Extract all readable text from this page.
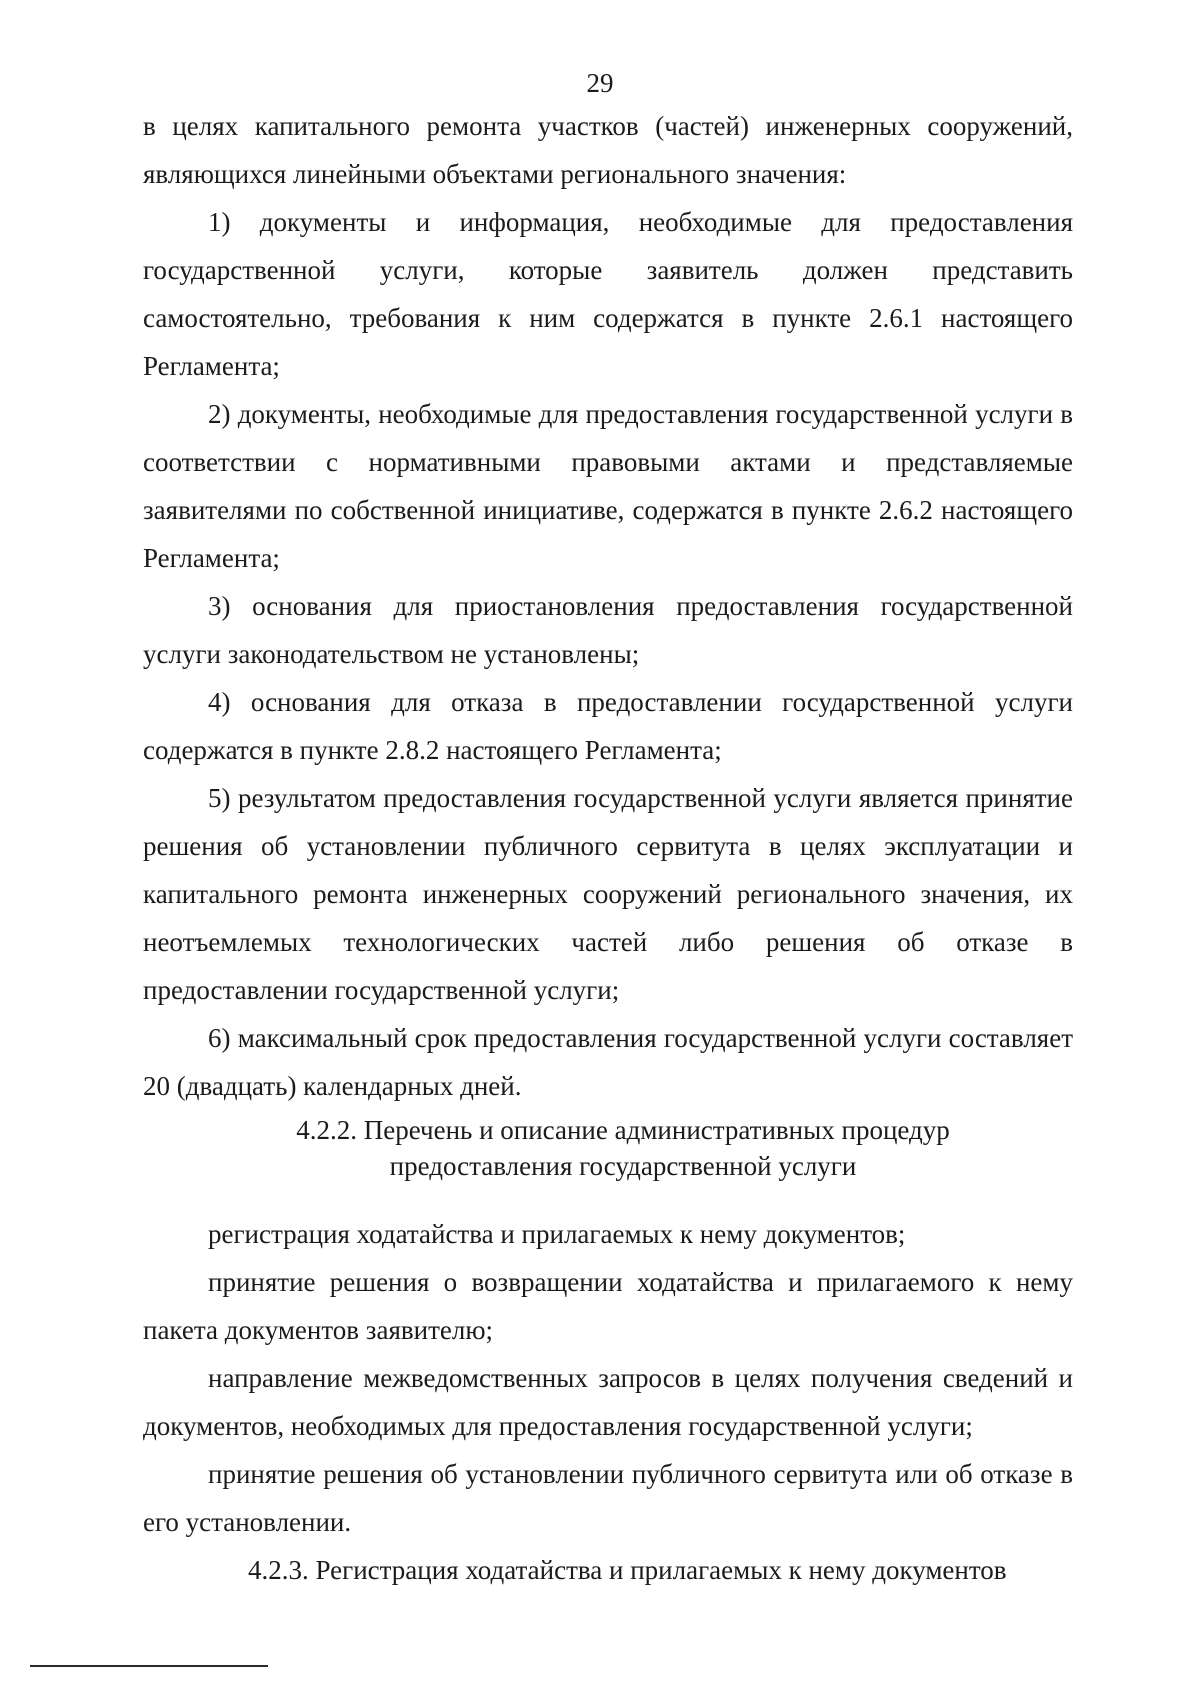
29

в целях капитального ремонта участков (частей) инженерных сооружений, являющихся линейными объектами регионального значения:

1) документы и информация, необходимые для предоставления государственной услуги, которые заявитель должен представить самостоятельно, требования к ним содержатся в пункте 2.6.1 настоящего Регламента;

2) документы, необходимые для предоставления государственной услуги в соответствии с нормативными правовыми актами и представляемые заявителями по собственной инициативе, содержатся в пункте 2.6.2 настоящего Регламента;

3) основания для приостановления предоставления государственной услуги законодательством не установлены;

4) основания для отказа в предоставлении государственной услуги содержатся в пункте 2.8.2 настоящего Регламента;

5) результатом предоставления государственной услуги является принятие решения об установлении публичного сервитута в целях эксплуатации и капитального ремонта инженерных сооружений регионального значения, их неотъемлемых технологических частей либо решения об отказе в предоставлении государственной услуги;

6) максимальный срок предоставления государственной услуги составляет 20 (двадцать) календарных дней.

4.2.2. Перечень и описание административных процедур
предоставления государственной услуги

регистрация ходатайства и прилагаемых к нему документов;

принятие решения о возвращении ходатайства и прилагаемого к нему пакета документов заявителю;

направление межведомственных запросов в целях получения сведений и документов, необходимых для предоставления государственной услуги;

принятие решения об установлении публичного сервитута или об отказе в его установлении.

4.2.3. Регистрация ходатайства и прилагаемых к нему документов
